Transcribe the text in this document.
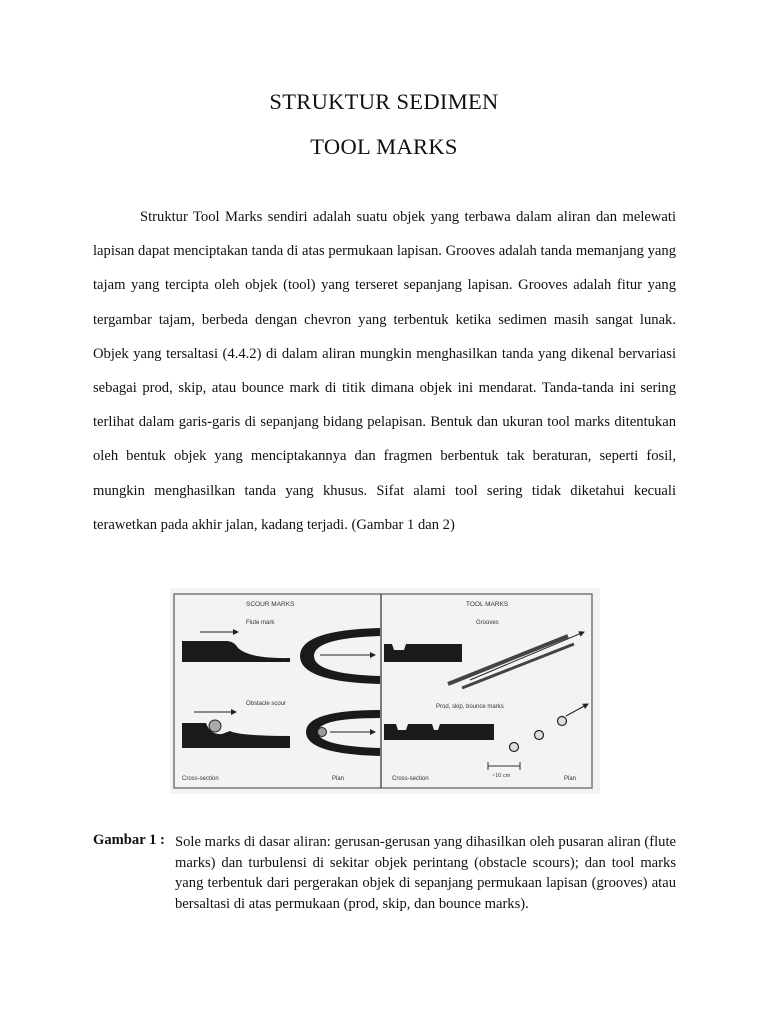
STRUKTUR SEDIMEN
TOOL MARKS

Struktur Tool Marks sendiri adalah suatu objek yang terbawa dalam aliran dan melewati lapisan dapat menciptakan tanda di atas permukaan lapisan. Grooves adalah tanda memanjang yang tajam yang tercipta oleh objek (tool) yang terseret sepanjang lapisan. Grooves adalah fitur yang tergambar tajam, berbeda dengan chevron yang terbentuk ketika sedimen masih sangat lunak. Objek yang tersaltasi (4.4.2) di dalam aliran mungkin menghasilkan tanda yang dikenal bervariasi sebagai prod, skip, atau bounce mark di titik dimana objek ini mendarat. Tanda-tanda ini sering terlihat dalam garis-garis di sepanjang bidang pelapisan. Bentuk dan ukuran tool marks ditentukan oleh bentuk objek yang menciptakannya dan fragmen berbentuk tak beraturan, seperti fosil, mungkin menghasilkan tanda yang khusus. Sifat alami tool sering tidak diketahui kecuali terawetkan pada akhir jalan, kadang terjadi. (Gambar 1 dan 2)

SCOUR MARKS
Flute mark
Obstacle scour
Cross-section	Plan
TOOL MARKS
Grooves
Prod, skip, bounce marks
~10 cm
Cross-section	Plan
Gambar 1 : Sole marks di dasar aliran: gerusan-gerusan yang dihasilkan oleh pusaran aliran (flute marks) dan turbulensi di sekitar objek perintang (obstacle scours); dan tool marks yang terbentuk dari pergerakan objek di sepanjang permukaan lapisan (grooves) atau bersaltasi di atas permukaan (prod, skip, dan bounce marks).
